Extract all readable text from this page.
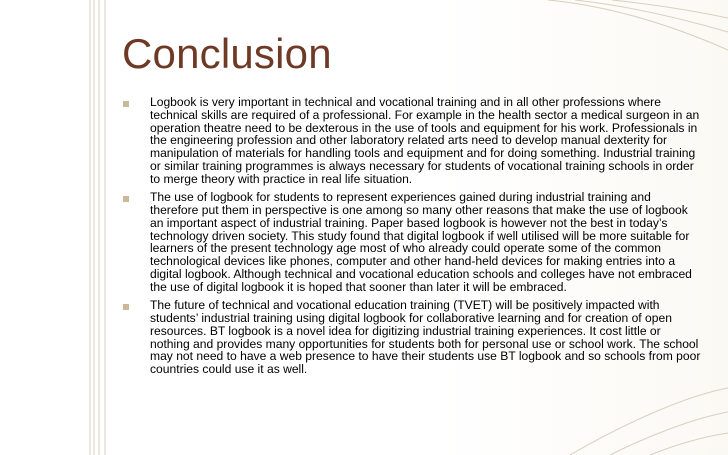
Conclusion
Logbook is very important in technical and vocational training and in all other professions where technical skills are required of a professional. For example in the health sector a medical surgeon in an operation theatre need to be dexterous in the use of tools and equipment for his work. Professionals in the engineering profession and other laboratory related arts need to develop manual dexterity for manipulation of materials for handling tools and equipment and for doing something. Industrial training or similar training programmes is always necessary for students of vocational training schools in order to merge theory with practice in real life situation.
The use of logbook for students to represent experiences gained during industrial training and therefore put them in perspective is one among so many other reasons that make the use of logbook an important aspect of industrial training. Paper based logbook is however not the best in today’s technology driven society. This study found that digital logbook if well utilised will be more suitable for learners of the present technology age most of who already could operate some of the common technological devices like phones, computer and other hand-held devices for making entries into a digital logbook. Although technical and vocational education schools and colleges have not embraced the use of digital logbook it is hoped that sooner than later it will be embraced.
The future of technical and vocational education training (TVET) will be positively impacted with students’ industrial training using digital logbook for collaborative learning and for creation of open resources. BT logbook is a novel idea for digitizing industrial training experiences. It cost little or nothing and provides many opportunities for students both for personal use or school work. The school may not need to have a web presence to have their students use BT logbook and so schools from poor countries could use it as well.
